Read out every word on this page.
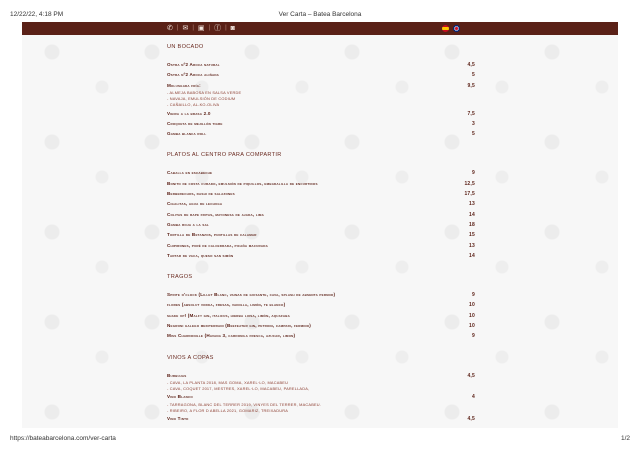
12/22/22, 4:18 PM	Ver Carta – Batea Barcelona
✆ | ✉ | ▣ | ⓕ | ◙
UN BOCADO
Ostra nº2 Aroca natural	4,5
Ostra nº2 Aroca aliñada	5
Molusgada fría:	9,5
- ALMEJA BABOSA EN SALSA VERDE
- NAVAJA, EMULSIÓN DE CODIUM
- CAÑAILLO, AL-KO-OLIVA
Vieira a la brasa 2.0	7,5
Croqueta de mejillón tigre	3
Gamba blanca roll	5
PLATOS AL CENTRO PARA COMPARTIR
Caballa en escabeche	9
Bonito de costa curado, emulsión de piquillos, embadalilla de encurtidos	12,5
Berberechos, dashi de salazones	17,5
Cigalitas, agua de lechuga	13
Colitas de rape fritas, mayonesa de ajada, lima	14
Gamba roja a la sal	18
Tortilla de Betanzos, puntillas de calamar	15
Chipirones, puré de calcedrada, picaña macurada	13
Tartar de vaca, queso san simón	14
TRAGOS
Sprite o'clock (Lillet Blanc, vainas de guisante, cava, splash de absenta pernod)	9
flores (absolut vodka, fresas, vainilla, limón, te blanco)	10
shake up! (Malfy gin, italicus, hierba luisa, limón, aquafaba	10
Negroni galego mediterrani (Beefeater gin, petroni, campari, fermino)	10
Miss Chardonille (Havana 3, cardonila fresca, azucar, limon)	9
VINOS A COPAS
Burbujas	4,5
- CAVA, LA PLANTA 2018, MAS GOMA, XAREL·LO, MACABEU
- CAVA, COQUET 2017, MESTRES, XAREL·LO, MACABEU, PARELLADA,
Vino Blanco	4
- TARRAGONA, BLANC DEL TERRER 2019, VINYES DEL TERRER, MACABEU.
- RIBEIRO, A FLOR D ABELLA 2021, GOMARIZ, TREIXADURA
Vino Tinto	4,5
https://bateabarcelona.com/ver-carta	1/2
